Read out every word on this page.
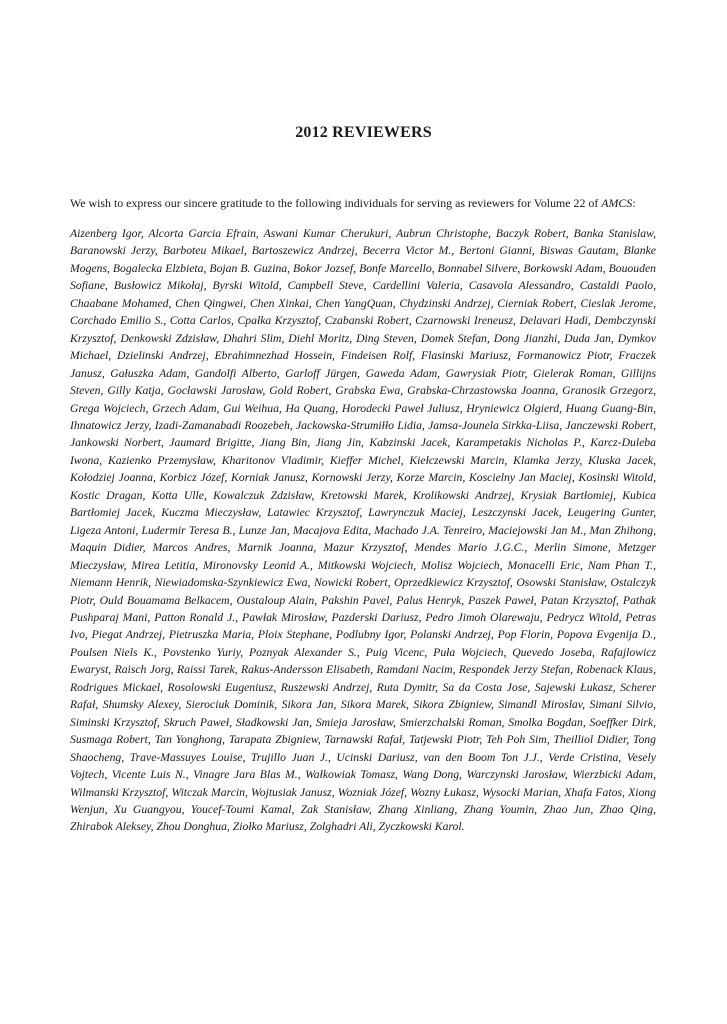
2012 REVIEWERS

We wish to express our sincere gratitude to the following individuals for serving as reviewers for Volume 22 of AMCS:

Aizenberg Igor, Alcorta Garcia Efrain, Aswani Kumar Cherukuri, Aubrun Christophe, Baczyk Robert, Banka Stanislaw, Baranowski Jerzy, Barboteu Mikael, Bartoszewicz Andrzej, Becerra Victor M., Bertoni Gianni, Biswas Gautam, Blanke Mogens, Bogalecka Elzbieta, Bojan B. Guzina, Bokor Jozsef, Bonfe Marcello, Bonnabel Silvere, Borkowski Adam, Bououden Sofiane, Busłowicz Mikołaj, Byrski Witold, Campbell Steve, Cardellini Valeria, Casavola Alessandro, Castaldi Paolo, Chaabane Mohamed, Chen Qingwei, Chen Xinkai, Chen YangQuan, Chydzinski Andrzej, Cierniak Robert, Cieslak Jerome, Corchado Emilio S., Cotta Carlos, Cpałka Krzysztof, Czabanski Robert, Czarnowski Ireneusz, Delavari Hadi, Dembczynski Krzysztof, Denkowski Zdzisław, Dhahri Slim, Diehl Moritz, Ding Steven, Domek Stefan, Dong Jianzhi, Duda Jan, Dymkov Michael, Dzielinski Andrzej, Ebrahimnezhad Hossein, Findeisen Rolf, Flasinski Mariusz, Formanowicz Piotr, Fraczek Janusz, Gałuszka Adam, Gandolfi Alberto, Garloff Jürgen, Gaweda Adam, Gawrysiak Piotr, Gielerak Roman, Gillijns Steven, Gilly Katja, Gocławski Jarosław, Gold Robert, Grabska Ewa, Grabska-Chrzastowska Joanna, Granosik Grzegorz, Grega Wojciech, Grzech Adam, Gui Weihua, Ha Quang, Horodecki Paweł Juliusz, Hryniewicz Olgierd, Huang Guang-Bin, Ihnatowicz Jerzy, Izadi-Zamanabadi Roozebeh, Jackowska-Strumiłło Lidia, Jamsa-Jounela Sirkka-Liisa, Janczewski Robert, Jankowski Norbert, Jaumard Brigitte, Jiang Bin, Jiang Jin, Kabzinski Jacek, Karampetakis Nicholas P., Karcz-Duleba Iwona, Kazienko Przemysław, Kharitonov Vladimir, Kieffer Michel, Kiełczewski Marcin, Klamka Jerzy, Kluska Jacek, Kołodziej Joanna, Korbicz Józef, Korniak Janusz, Kornowski Jerzy, Korze Marcin, Koscielny Jan Maciej, Kosinski Witold, Kostic Dragan, Kotta Ulle, Kowalczuk Zdzisław, Kretowski Marek, Krolikowski Andrzej, Krysiak Bartłomiej, Kubica Bartłomiej Jacek, Kuczma Mieczysław, Latawiec Krzysztof, Lawrynczuk Maciej, Leszczynski Jacek, Leugering Gunter, Ligeza Antoni, Ludermir Teresa B., Lunze Jan, Macajova Edita, Machado J.A. Tenreiro, Maciejowski Jan M., Man Zhihong, Maquin Didier, Marcos Andres, Marnik Joanna, Mazur Krzysztof, Mendes Mario J.G.C., Merlin Simone, Metzger Mieczysław, Mirea Letitia, Mironovsky Leonid A., Mitkowski Wojciech, Molisz Wojciech, Monacelli Eric, Nam Phan T., Niemann Henrik, Niewiadomska-Szynkiewicz Ewa, Nowicki Robert, Oprzedkiewicz Krzysztof, Osowski Stanisław, Ostalczyk Piotr, Ould Bouamama Belkacem, Oustaloup Alain, Pakshin Pavel, Palus Henryk, Paszek Paweł, Patan Krzysztof, Pathak Pushparaj Mani, Patton Ronald J., Pawłak Mirosław, Pazderski Dariusz, Pedro Jimoh Olarewaju, Pedrycz Witold, Petras Ivo, Piegat Andrzej, Pietruszka Maria, Ploix Stephane, Podlubny Igor, Polanski Andrzej, Pop Florin, Popova Evgenija D., Poulsen Niels K., Povstenko Yuriy, Poznyak Alexander S., Puig Vicenc, Puła Wojciech, Quevedo Joseba, Rafajlowicz Ewaryst, Raisch Jorg, Raissi Tarek, Rakus-Andersson Elisabeth, Ramdani Nacim, Respondek Jerzy Stefan, Robenack Klaus, Rodrigues Mickael, Rosolowski Eugeniusz, Ruszewski Andrzej, Ruta Dymitr, Sa da Costa Jose, Sajewski Łukasz, Scherer Rafał, Shumsky Alexey, Sierociuk Dominik, Sikora Jan, Sikora Marek, Sikora Zbigniew, Simandl Miroslav, Simani Silvio, Siminski Krzysztof, Skruch Paweł, Sładkowski Jan, Smieja Jarosław, Smierzchalski Roman, Smolka Bogdan, Soeffker Dirk, Susmaga Robert, Tan Yonghong, Tarapata Zbigniew, Tarnawski Rafał, Tatjewski Piotr, Teh Poh Sim, Theilliol Didier, Tong Shaocheng, Trave-Massuyes Louise, Trujillo Juan J., Ucinski Dariusz, van den Boom Ton J.J., Verde Cristina, Vesely Vojtech, Vicente Luis N., Vinagre Jara Blas M., Wałkowiak Tomasz, Wang Dong, Warczynski Jarosław, Wierzbicki Adam, Wilmanski Krzysztof, Witczak Marcin, Wojtusiak Janusz, Wozniak Józef, Wozny Łukasz, Wysocki Marian, Xhafa Fatos, Xiong Wenjun, Xu Guangyou, Youcef-Toumi Kamal, Zak Stanisław, Zhang Xinliang, Zhang Youmin, Zhao Jun, Zhao Qing, Zhirabok Aleksey, Zhou Donghua, Ziołko Mariusz, Zolghadri Ali, Zyczkowski Karol.
